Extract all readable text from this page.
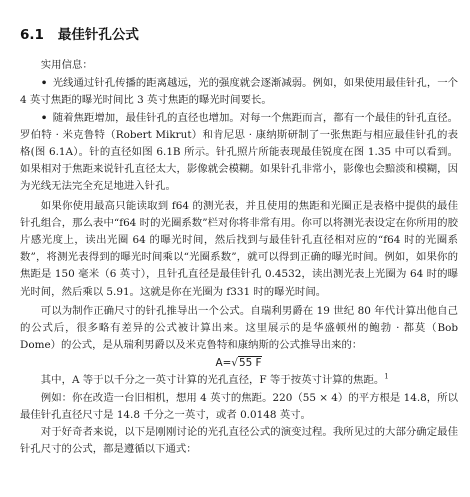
6.1 最佳针孔公式

实用信息：

• 光线通过针孔传播的距离越远，光的强度就会逐渐减弱。例如，如果使用最佳针孔，一个 4 英寸焦距的曝光时间比 3 英寸焦距的曝光时间要长。

• 随着焦距增加，最佳针孔的直径也增加。对每一个焦距而言，都有一个最佳的针孔直径。罗伯特 · 米克鲁特（Robert Mikrut）和肯尼思 · 康纳斯研制了一张焦距与相应最佳针孔的表格(图 6.1A）。针的直径如图 6.1B 所示。针孔照片所能表现最佳锐度在图 1.35 中可以看到。如果相对于焦距来说针孔直径太大，影像就会模糊。如果针孔非常小，影像也会黯淡和模糊，因为光线无法完全充足地进入针孔。

如果你使用最高只能读取到 f64 的测光表，并且使用的焦距和光圈正是表格中提供的最佳针孔组合，那么表中“f64 时的光圈系数”栏对你将非常有用。你可以将测光表设定在你所用的胶片感光度上，读出光圈 64 的曝光时间，然后找到与最佳针孔直径相对应的“f64 时的光圈系数”，将测光表得到的曝光时间乘以“光圈系数”，就可以得到正确的曝光时间。例如，如果你的焦距是 150 毫米（6 英寸），且针孔直径是最佳针孔 0.4532，读出测光表上光圈为 64 时的曝光时间，然后乘以 5.91。这就是你在光圈为 f331 时的曝光时间。

可以为制作正确尺寸的针孔推导出一个公式。自瑞利男爵在 19 世纪 80 年代计算出他自己的公式后，很多略有差异的公式被计算出来。这里展示的是华盛顿州的鲍勃 · 都莫（Bob Dome）的公式，是从瑞利男爵以及米克鲁特和康纳斯的公式推导出来的：

A=√55 F

其中，A 等于以千分之一英寸计算的光孔直径，F 等于按英寸计算的焦距。$^1$

例如：你在改造一台旧相机，想用 4 英寸的焦距。220（55 × 4）的平方根是 14.8，所以最佳针孔直径尺寸是 14.8 千分之一英寸，或者 0.0148 英寸。

对于好奇者来说，以下是刚刚讨论的光孔直径公式的演变过程。我所见过的大部分确定最佳针孔尺寸的公式，都是遵循以下通式：
